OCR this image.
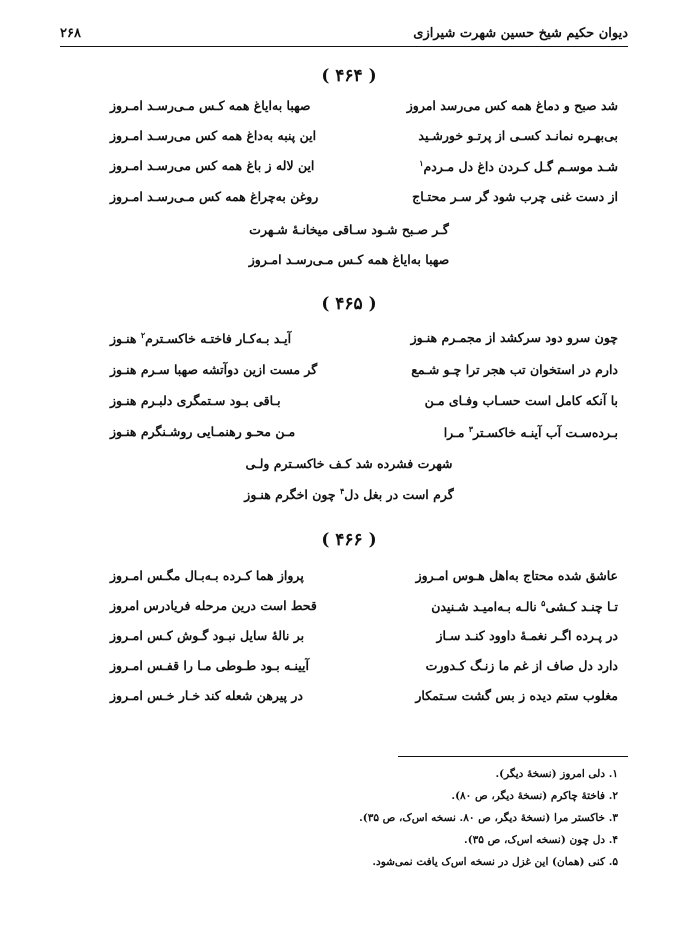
دیوان حکیم شیخ حسین شهرت شیرازی
۲۶۸
( ۴۶۴ )
شد صبح و دماغ همه کس می‌رسد امروز
صهبا به‌اياغ همه کـس مـی‌رسـد امـروز
بی‌بهـره نمانـد کسـی از پرتـو خورشـید
این پنبه به‌داغ همه کس می‌رسـد امـروز
شـد موسـم گـل کـردن داغ دل مـردم$^۱$
این لاله ز باغ همه کس می‌رسـد امـروز
از دست غنی چرب شود گر سـر محتـاج
روغن به‌چراغ همه کس مـی‌رسـد امـروز
گـر صـبح شـود سـاقی میخانـهٔ شـهرت
صهبا به‌اياغ همه کـس مـی‌رسـد امـروز
( ۴۶۵ )
چون سرو دود سرکشد از مجمـرم هنـوز
آیـد بـه‌کـار فاختـه خاکسـترم$^۲$ هنـوز
دارم در استخوان تب هجر ترا چـو شـمع
گر مست ازین دوآتشه صهبا سـرم هنـوز
با آنکه کامل است حسـاب وفـای مـن
بـاقی بـود سـتمگری دلبـرم هنـوز
بـرده‌سـت آب آینـه خاکسـتر$^۳$ مـرا
مـن محـو رهنمـایی روشـنگرم هنـوز
شهرت فشرده شد کـف خاکسـترم ولـی
گرم است در بغل دل$^۴$ چون اخگرم هنـوز
( ۴۶۶ )
عاشق شده محتاج به‌اهل هـوس امـروز
پرواز هما کـرده بـه‌بـال مگـس امـروز
تـا چنـد کـشی$^۵$ نالـه بـه‌امیـد شـنیدن
قحط است درین مرحله فریادرس امروز
در پـرده اگـر نغمـهٔ داوود کنـد سـاز
بر نالهٔ سایل نبـود گـوش کـس امـروز
دارد دل صاف از غم ما زنـگ کـدورت
آیینـه بـود طـوطی مـا را قفـس امـروز
مغلوب ستم دیده ز بس گشت سـتمکار
در پیرهن شعله کند خـار خـس امـروز
۱. دلی امروز (نسخهٔ دیگر).
۲. فاختهٔ چاکرم (نسخهٔ دیگر، ص ۸۰).
۳. خاکستر مرا (نسخهٔ دیگر، ص ۸۰. نسخه اس‌ک، ص ۳۵).
۴. دل چون (نسخه اس‌ک، ص ۳۵).
۵. کنی (همان) این غزل در نسخه اس‌ک یافت نمی‌شود.
